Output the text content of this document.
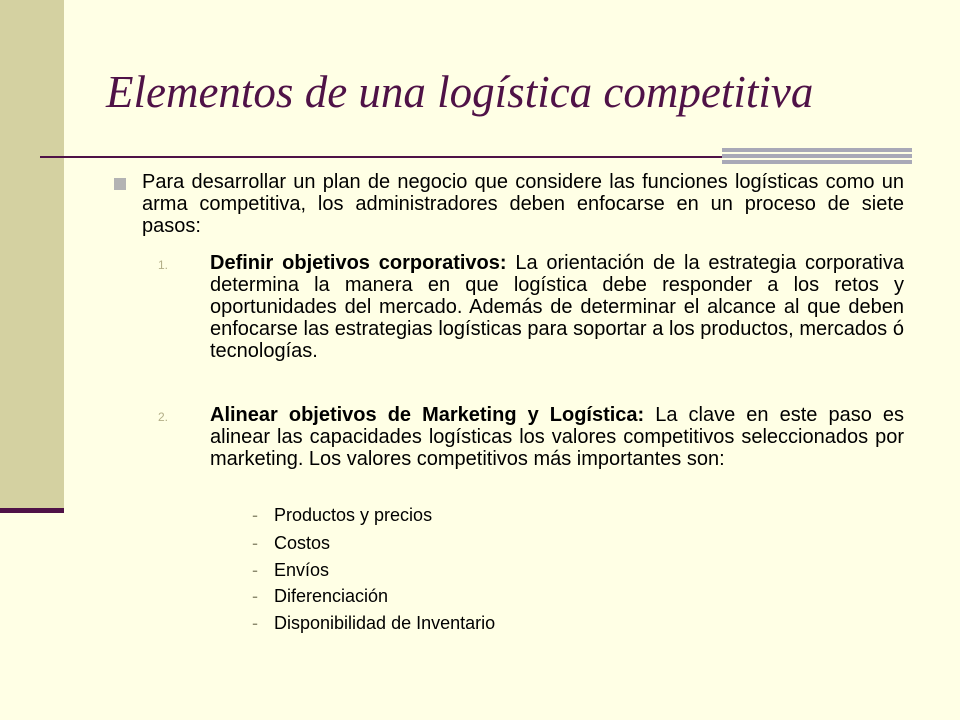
Elementos de una logística competitiva
Para desarrollar un plan de negocio que considere las funciones logísticas como un arma competitiva, los administradores deben enfocarse en un proceso de siete pasos:
1. Definir objetivos corporativos: La orientación de la estrategia corporativa determina la manera en que logística debe responder a los retos y oportunidades del mercado. Además de determinar el alcance al que deben enfocarse las estrategias logísticas para soportar a los productos, mercados ó tecnologías.
2. Alinear objetivos de Marketing y Logística: La clave en este paso es alinear las capacidades logísticas los valores competitivos seleccionados por marketing. Los valores competitivos más importantes son:
- Productos y precios
- Costos
- Envíos
- Diferenciación
- Disponibilidad de Inventario
